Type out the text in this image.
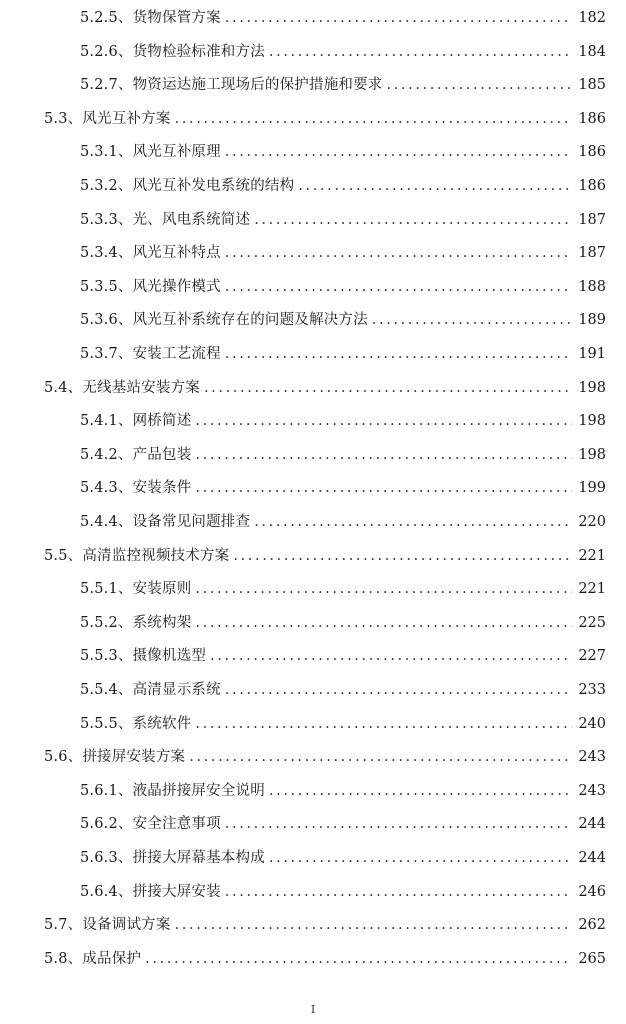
5.2.5、货物保管方案 .....	182
5.2.6、货物检验标准和方法 .....	184
5.2.7、物资运达施工现场后的保护措施和要求 .....	185
5.3、风光互补方案 .....	186
5.3.1、风光互补原理 .....	186
5.3.2、风光互补发电系统的结构 .....	186
5.3.3、光、风电系统简述 .....	187
5.3.4、风光互补特点 .....	187
5.3.5、风光操作模式 .....	188
5.3.6、风光互补系统存在的问题及解决方法 .....	189
5.3.7、安装工艺流程 .....	191
5.4、无线基站安装方案 .....	198
5.4.1、网桥简述 .....	198
5.4.2、产品包装 .....	198
5.4.3、安装条件 .....	199
5.4.4、设备常见问题排查 .....	220
5.5、高清监控视频技术方案 .....	221
5.5.1、安装原则 .....	221
5.5.2、系统构架 .....	225
5.5.3、摄像机选型 .....	227
5.5.4、高清显示系统 .....	233
5.5.5、系统软件 .....	240
5.6、拼接屏安装方案 .....	243
5.6.1、液晶拼接屏安全说明 .....	243
5.6.2、安全注意事项 .....	244
5.6.3、拼接大屏幕基本构成 .....	244
5.6.4、拼接大屏安装 .....	246
5.7、设备调试方案 .....	262
5.8、成品保护 .....	265
I
